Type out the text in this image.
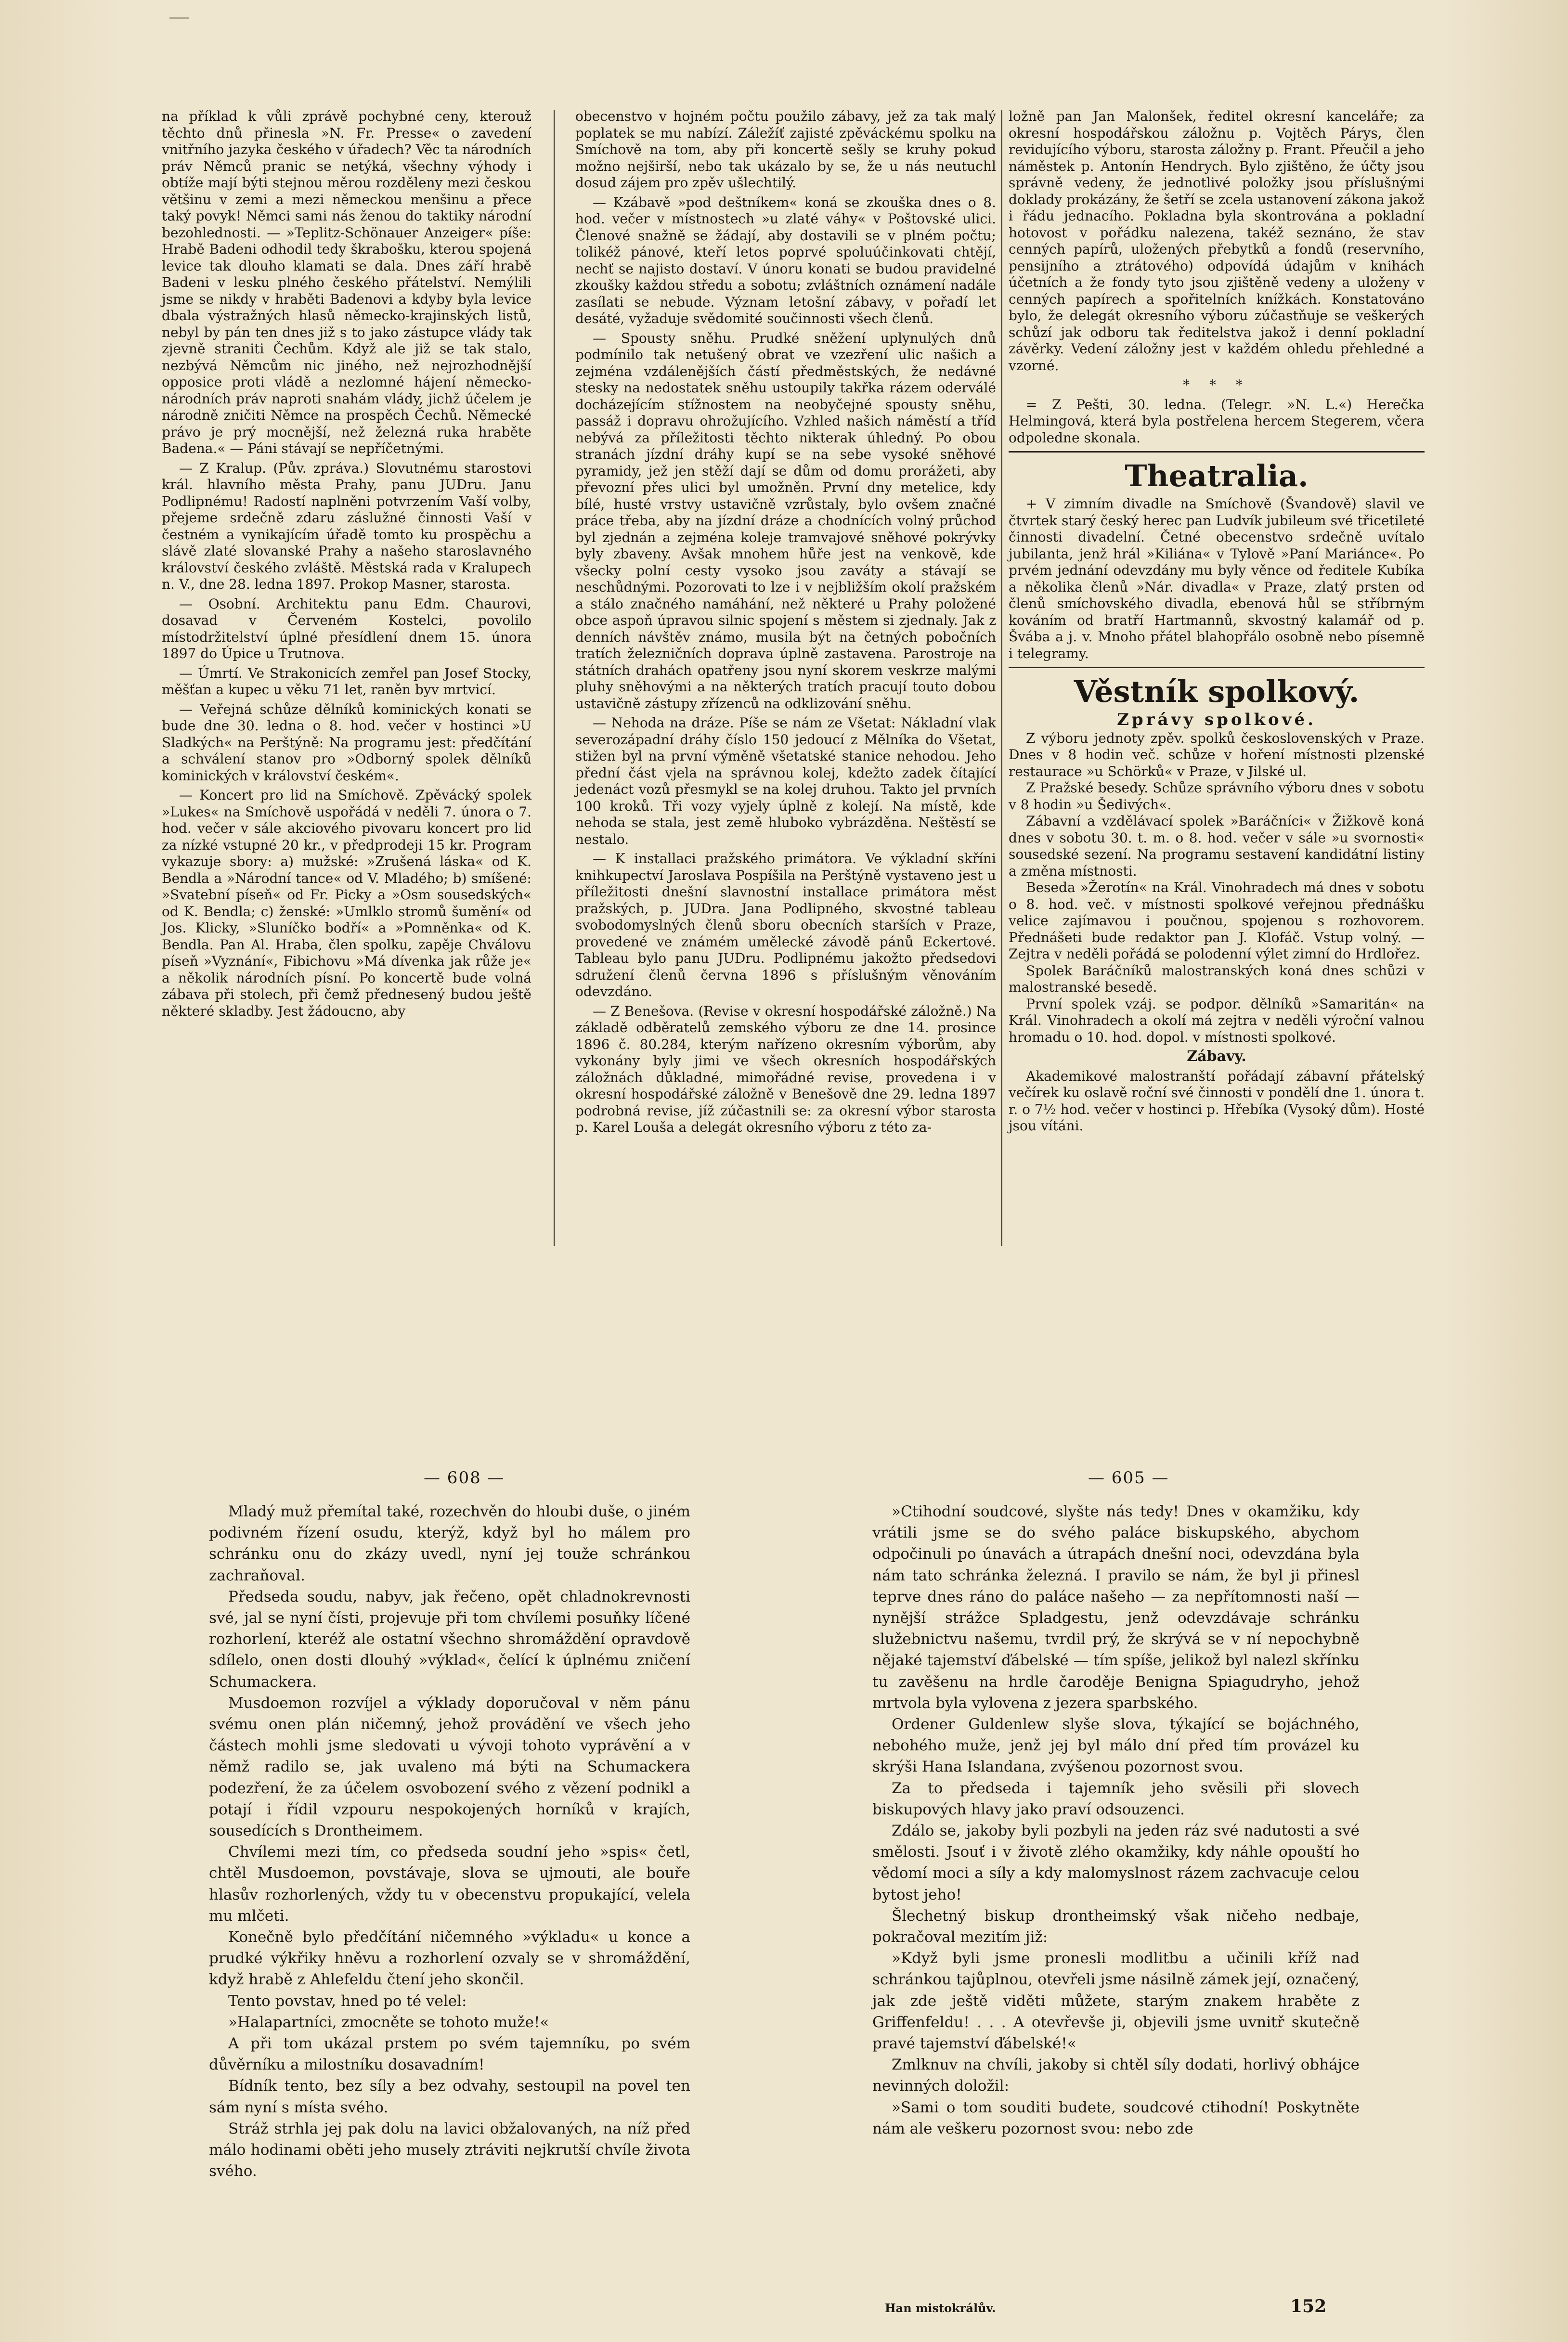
na příklad k vůli zprávě pochybné ceny, kterouž těchto dnů přinesla »N. Fr. Presse« o zavedení vnitřního jazyka českého v úřadech? Věc ta národních práv Němců pranic se netýká, všechny výhody i obtíže mají býti stejnou měrou rozděleny mezi českou většinu v zemi a mezi německou menšinu a přece taký povyk! Němci sami nás ženou do taktiky národní bezohlednosti. — »Teplitz-Schönauer Anzeiger« píše: Hrabě Badeni odhodil tedy škrabošku, kterou spojená levice tak dlouho klamati se dala. Dnes září hrabě Badeni v lesku plného českého přátelství. Nemýlili jsme se nikdy v hraběti Badenovi a kdyby byla levice dbala výstražných hlasů německo-krajinských listů, nebyl by pán ten dnes již s to jako zástupce vlády tak zjevně straniti Čechům. Když ale již se tak stalo, nezbývá Němcům nic jiného, než nejrozhodnější opposice proti vládě a nezlomné hájení německo-národních práv naproti snahám vlády, jichž účelem je národně zničiti Němce na prospěch Čechů. Německé právo je prý mocnější, než železná ruka hraběte Badena.« — Páni stávají se nepříčetnými.

— Z Kralup. (Pův. zpráva.) Slovutnému starostovi král. hlavního města Prahy, panu JUDru. Janu Podlipnému! Radostí naplněni potvrzením Vaší volby, přejeme srdečně zdaru záslužné činnosti Vaší v čestném a vynikajícím úřadě tomto ku prospěchu a slávě zlaté slovanské Prahy a našeho staroslavného království českého zvláště. Městská rada v Kralupech n. V., dne 28. ledna 1897. Prokop Masner, starosta.

— Osobní. Architektu panu Edm. Chaurovi, dosavad v Červeném Kostelci, povolilo místodržitelství úplné přesídlení dnem 15. února 1897 do Úpice u Trutnova.

— Úmrtí. Ve Strakonicích zemřel pan Josef Stocky, měšťan a kupec u věku 71 let, raněn byv mrtvicí.

— Veřejná schůze dělníků kominických konati se bude dne 30. ledna o 8. hod. večer v hostinci »U Sladkých« na Perštýně: Na programu jest: předčítání a schválení stanov pro »Odborný spolek dělníků kominických v království českém«.

— Koncert pro lid na Smíchově. Zpěvácký spolek »Lukes« na Smíchově uspořádá v neděli 7. února o 7. hod. večer v sále akciového pivovaru koncert pro lid za nízké vstupné 20 kr., v předprodeji 15 kr. Program vykazuje sbory: a) mužské: »Zrušená láska« od K. Bendla a »Národní tance« od V. Mladého; b) smíšené: »Svatební píseň« od Fr. Picky a »Osm sousedských« od K. Bendla; c) ženské: »Umlklo stromů šumění« od Jos. Klicky, »Sluníčko bodří« a »Pomněnka« od K. Bendla. Pan Al. Hraba, člen spolku, zapěje Chválovu píseň »Vyznání«, Fibichovu »Má dívenka jak růže je« a několik národních písní. Po koncertě bude volná zábava při stolech, při čemž přednesený budou ještě některé skladby. Jest žádoucno, aby

obecenstvo v hojném počtu použilo zábavy, jež za tak malý poplatek se mu nabízí. Záležíť zajisté zpěváckému spolku na Smíchově na tom, aby při koncertě sešly se kruhy pokud možno nejširší, nebo tak ukázalo by se, že u nás neutuchl dosud zájem pro zpěv ušlechtilý.

— Kzábavě »pod deštníkem« koná se zkouška dnes o 8. hod. večer v místnostech »u zlaté váhy« v Poštovské ulici. Členové snažně se žádají, aby dostavili se v plném počtu; tolikéž pánové, kteří letos poprvé spoluúčinkovati chtějí, nechť se najisto dostaví. V únoru konati se budou pravidelné zkoušky každou středu a sobotu; zvláštních oznámení nadále zasílati se nebude. Význam letošní zábavy, v pořadí let desáté, vyžaduje svědomité součinnosti všech členů.

— Spousty sněhu. Prudké sněžení uplynulých dnů podmínilo tak netušený obrat ve vzezření ulic našich a zejména vzdálenějších částí předměstských, že nedávné stesky na nedostatek sněhu ustoupily takřka rázem oderválé docházejícím stížnostem na neobyčejné spousty sněhu, passáž i dopravu ohrožujícího. Vzhled našich náměstí a tříd nebývá za příležitosti těchto nikterak úhledný. Po obou stranách jízdní dráhy kupí se na sebe vysoké sněhové pyramidy, jež jen stěží dají se dům od domu prorážeti, aby převozní přes ulici byl umožněn. První dny metelice, kdy bílé, husté vrstvy ustavičně vzrůstaly, bylo ovšem značné práce třeba, aby na jízdní dráze a chodnících volný průchod byl zjednán a zejména koleje tramvajové sněhové pokrývky byly zbaveny. Avšak mnohem hůře jest na venkově, kde všecky polní cesty vysoko jsou zaváty a stávají se neschůdnými. Pozorovati to lze i v nejbližším okolí pražském a stálo značného namáhání, než některé u Prahy položené obce aspoň úpravou silnic spojení s městem si zjednaly. Jak z denních návštěv známo, musila být na četných pobočních tratích železničních doprava úplně zastavena. Parostroje na státních drahách opatřeny jsou nyní skorem veskrze malými pluhy sněhovými a na některých tratích pracují touto dobou ustavičně zástupy zřízenců na odklizování sněhu.

— Nehoda na dráze. Píše se nám ze Všetat: Nákladní vlak severozápadní dráhy číslo 150 jedoucí z Mělníka do Všetat, stižen byl na první výměně všetatské stanice nehodou. Jeho přední část vjela na správnou kolej, kdežto zadek čítající jedenáct vozů přesmykl se na kolej druhou. Takto jel prvních 100 kroků. Tři vozy vyjely úplně z kolejí. Na místě, kde nehoda se stala, jest země hluboko vybrázděna. Neštěstí se nestalo.

— K installaci pražského primátora. Ve výkladní skříni knihkupectví Jaroslava Pospíšila na Perštýně vystaveno jest u příležitosti dnešní slavnostní installace primátora měst pražských, p. JUDra. Jana Podlipného, skvostné tableau svobodomyslných členů sboru obecních starších v Praze, provedené ve známém umělecké závodě pánů Eckertové. Tableau bylo panu JUDru. Podlipnému jakožto předsedovi sdružení členů června 1896 s příslušným věnováním odevzdáno.

— Z Benešova. (Revise v okresní hospodářské záložně.) Na základě odběratelů zemského výboru ze dne 14. prosince 1896 č. 80.284, kterým nařízeno okresním výborům, aby vykonány byly jimi ve všech okresních hospodářských záložnách důkladné, mimořádné revise, provedena i v okresní hospodářské záložně v Benešově dne 29. ledna 1897 podrobná revise, jíž zúčastnili se: za okresní výbor starosta p. Karel Louša a delegát okresního výboru z této za-

ložně pan Jan Malonšek, ředitel okresní kanceláře; za okresní hospodářskou záložnu p. Vojtěch Párys, člen revidujícího výboru, starosta záložny p. Frant. Přeučil a jeho náměstek p. Antonín Hendrych. Bylo zjištěno, že účty jsou správně vedeny, že jednotlivé položky jsou příslušnými doklady prokázány, že šetří se zcela ustanovení zákona jakož i řádu jednacího. Pokladna byla skontrována a pokladní hotovost v pořádku nalezena, takéž seznáno, že stav cenných papírů, uložených přebytků a fondů (reservního, pensijního a ztrátového) odpovídá údajům v knihách účetních a že fondy tyto jsou zjištěně vedeny a uloženy v cenných papírech a spořitelních knížkách. Konstatováno bylo, že delegát okresního výboru zúčastňuje se veškerých schůzí jak odboru tak ředitelstva jakož i denní pokladní závěrky. Vedení záložny jest v každém ohledu přehledné a vzorné.

* * *

= Z Pešti, 30. ledna. (Telegr. »N. L.«) Herečka Helmingová, která byla postřelena hercem Stegerem, včera odpoledne skonala.

Theatralia.

+ V zimním divadle na Smíchově (Švandově) slavil ve čtvrtek starý český herec pan Ludvík jubileum své třicetileté činnosti divadelní. Četné obecenstvo srdečně uvítalo jubilanta, jenž hrál »Kiliána« v Tylově »Paní Mariánce«. Po prvém jednání odevzdány mu byly věnce od ředitele Kubíka a několika členů »Nár. divadla« v Praze, zlatý prsten od členů smíchovského divadla, ebenová hůl se stříbrným kováním od bratří Hartmannů, skvostný kalamář od p. Švába a j. v. Mnoho přátel blahopřálo osobně nebo písemně i telegramy.

Věstník spolkový.
Zprávy spolkové.

Z výboru jednoty zpěv. spolků československých v Praze. Dnes v 8 hodin več. schůze v hoření místnosti plzenské restaurace »u Schörků« v Praze, v Jilské ul.

Z Pražské besedy. Schůze správního výboru dnes v sobotu v 8 hodin »u Šedivých«.

Zábavní a vzdělávací spolek »Baráčníci« v Žižkově koná dnes v sobotu 30. t. m. o 8. hod. večer v sále »u svornosti« sousedské sezení. Na programu sestavení kandidátní listiny a změna místnosti.

Beseda »Žerotín« na Král. Vinohradech má dnes v sobotu o 8. hod. več. v místnosti spolkové veřejnou přednášku velice zajímavou i poučnou, spojenou s rozhovorem. Přednášeti bude redaktor pan J. Klofáč. Vstup volný. — Zejtra v neděli pořádá se polodenní výlet zimní do Hrdlořez.

Spolek Baráčníků malostranských koná dnes schůzi v malostranské besedě.

První spolek vzáj. se podpor. dělníků »Samaritán« na Král. Vinohradech a okolí má zejtra v neděli výroční valnou hromadu o 10. hod. dopol. v místnosti spolkové.

Zábavy.

Akademikové malostranští pořádají zábavní přátelský večírek ku oslavě roční své činnosti v pondělí dne 1. února t. r. o 7½ hod. večer v hostinci p. Hřebíka (Vysoký dům). Hosté jsou vítáni.

— 608 —	— 605 —

Mladý muž přemítal také, rozechvěn do hloubi duše, o jiném podivném řízení osudu, kterýž, když byl ho málem pro schránku onu do zkázy uvedl, nyní jej touže schránkou zachraňoval.

Předseda soudu, nabyv, jak řečeno, opět chladnokrevnosti své, jal se nyní čísti, projevuje při tom chvílemi posuňky líčené rozhorlení, kteréž ale ostatní všechno shromáždění opravdově sdílelo, onen dosti dlouhý »výklad«, čelící k úplnému zničení Schumackera.

Musdoemon rozvíjel a výklady doporučoval v něm pánu svému onen plán ničemný, jehož provádění ve všech jeho částech mohli jsme sledovati u vývoji tohoto vyprávění a v němž radilo se, jak uvaleno má býti na Schumackera podezření, že za účelem osvobození svého z vězení podnikl a potají i řídil vzpouru nespokojených horníků v krajích, sousedících s Drontheimem.

Chvílemi mezi tím, co předseda soudní jeho »spis« četl, chtěl Musdoemon, povstávaje, slova se ujmouti, ale bouře hlasův rozhorlených, vždy tu v obecenstvu propukající, velela mu mlčeti.

Konečně bylo předčítání ničemného »výkladu« u konce a prudké výkřiky hněvu a rozhorlení ozvaly se v shromáždění, když hrabě z Ahlefeldu čtení jeho skončil.

Tento povstav, hned po té velel:

»Halapartníci, zmocněte se tohoto muže!«

A při tom ukázal prstem po svém tajemníku, po svém důvěrníku a milostníku dosavadním!

Bídník tento, bez síly a bez odvahy, sestoupil na povel ten sám nyní s místa svého.

Stráž strhla jej pak dolu na lavici obžalovaných, na níž před málo hodinami oběti jeho musely ztráviti nejkrutší chvíle života svého.

»Ctihodní soudcové, slyšte nás tedy! Dnes v okamžiku, kdy vrátili jsme se do svého paláce biskupského, abychom odpočinuli po únavách a útrapách dnešní noci, odevzdána byla nám tato schránka železná. I pravilo se nám, že byl ji přinesl teprve dnes ráno do paláce našeho — za nepřítomnosti naší — nynější strážce Spladgestu, jenž odevzdávaje schránku služebnictvu našemu, tvrdil prý, že skrývá se v ní nepochybně nějaké tajemství ďábelské — tím spíše, jelikož byl nalezl skřínku tu zavěšenu na hrdle čaroděje Benigna Spiagudryho, jehož mrtvola byla vylovena z jezera sparbského.

Ordener Guldenlew slyše slova, týkající se bojáchného, nebohého muže, jenž jej byl málo dní před tím provázel ku skrýši Hana Islandana, zvýšenou pozornost svou.

Za to předseda i tajemník jeho svěsili při slovech biskupových hlavy jako praví odsouzenci.

Zdálo se, jakoby byli pozbyli na jeden ráz své nadutosti a své smělosti. Jsouť i v životě zlého okamžiky, kdy náhle opouští ho vědomí moci a síly a kdy malomyslnost rázem zachvacuje celou bytost jeho!

Šlechetný biskup drontheimský však ničeho nedbaje, pokračoval mezitím již:

»Když byli jsme pronesli modlitbu a učinili kříž nad schránkou tajůplnou, otevřeli jsme násilně zámek její, označený, jak zde ještě viděti můžete, starým znakem hraběte z Griffenfeldu! . . . A otevřevše ji, objevili jsme uvnitř skutečně pravé tajemství ďábelské!«

Zmlknuv na chvíli, jakoby si chtěl síly dodati, horlivý obhájce nevinných doložil:

»Sami o tom souditi budete, soudcové ctihodní! Poskytněte nám ale veškeru pozornost svou: nebo zde

Han mistokrálův.	152
